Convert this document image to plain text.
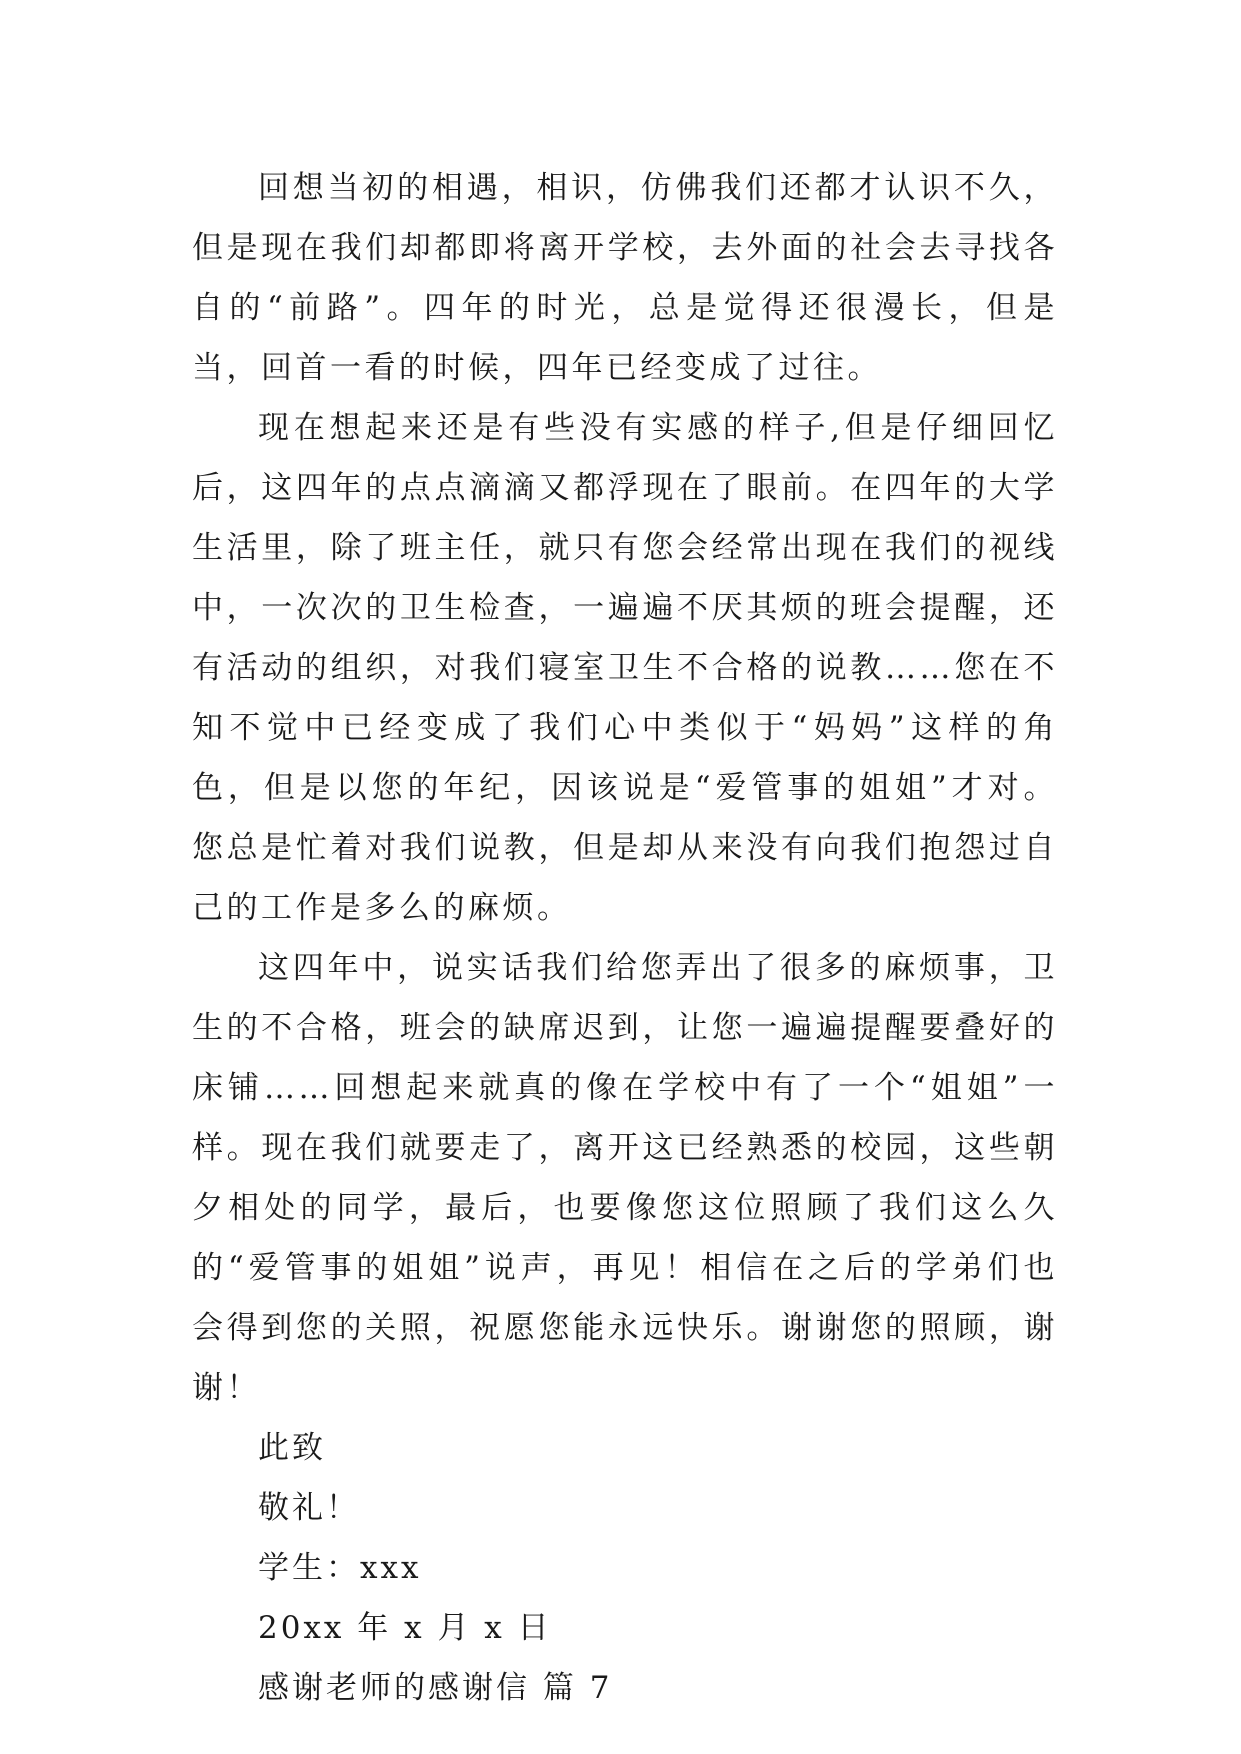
回想当初的相遇，相识，仿佛我们还都才认识不久，但是现在我们却都即将离开学校，去外面的社会去寻找各自的“前路”。四年的时光，总是觉得还很漫长，但是当，回首一看的时候，四年已经变成了过往。

现在想起来还是有些没有实感的样子,但是仔细回忆后，这四年的点点滴滴又都浮现在了眼前。在四年的大学生活里，除了班主任，就只有您会经常出现在我们的视线中，一次次的卫生检查，一遍遍不厌其烦的班会提醒，还有活动的组织，对我们寝室卫生不合格的说教……您在不知不觉中已经变成了我们心中类似于“妈妈”这样的角色，但是以您的年纪，因该说是“爱管事的姐姐”才对。您总是忙着对我们说教，但是却从来没有向我们抱怨过自己的工作是多么的麻烦。

这四年中，说实话我们给您弄出了很多的麻烦事，卫生的不合格，班会的缺席迟到，让您一遍遍提醒要叠好的床铺……回想起来就真的像在学校中有了一个“姐姐”一样。现在我们就要走了，离开这已经熟悉的校园，这些朝夕相处的同学，最后，也要像您这位照顾了我们这么久的“爱管事的姐姐”说声，再见！相信在之后的学弟们也会得到您的关照，祝愿您能永远快乐。谢谢您的照顾，谢谢！

此致

敬礼！

学生：xxx

20xx 年 x 月 x 日

感谢老师的感谢信 篇 7
